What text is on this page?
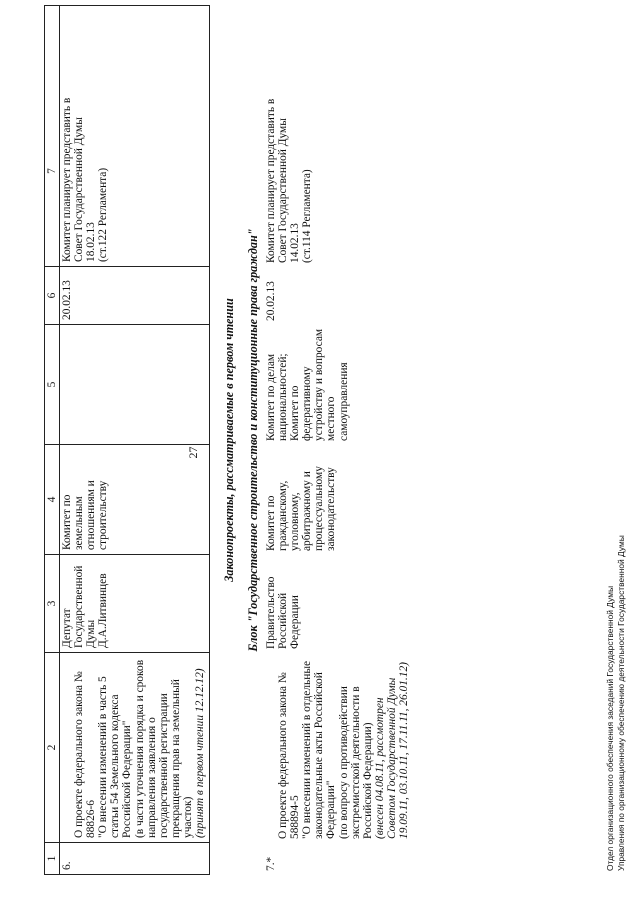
27
1
2
3
4
5
6
7
6.

О проекте федерального закона № 88826-6
"О внесении изменений в часть 5 статьи 54 Земельного кодекса Российской Федерации"
(в части уточнения порядка и сроков направления заявления о государственной регистрации прекращения прав на земельный участок)
(принят в первом чтении 12.12.12)

Депутат Государственной Думы Д.А.Литвинцев
Комитет по земельным отношениям и строительству
20.02.13
Комитет планирует представить в Совет Государственной Думы 18.02.13
(ст.122 Регламента)
Законопроекты, рассматриваемые в первом чтении Блок "Государственное строительство и конституционные права граждан"
7.*

О проекте федерального закона № 588894-5
"О внесении изменений в отдельные законодательные акты Российской Федерации"
(по вопросу о противодействии экстремистской деятельности в Российской Федерации)
(внесен 04.08.11, рассмотрен Советом Государственной Думы 19.09.11, 03.10.11, 17.11.11, 26.01.12)

Правительство Российской Федерации
Комитет по гражданскому, уголовному, арбитражному и процессуальному законодательству
Комитет по делам национальностей;
Комитет по федеративному устройству и вопросам местного самоуправления
20.02.13
Комитет планирует представить в Совет Государственной Думы 14.02.13
(ст.114 Регламента)
Отдел организационного обеспечения заседаний Государственной Думы Управления по организационному обеспечению деятельности Государственной Думы
